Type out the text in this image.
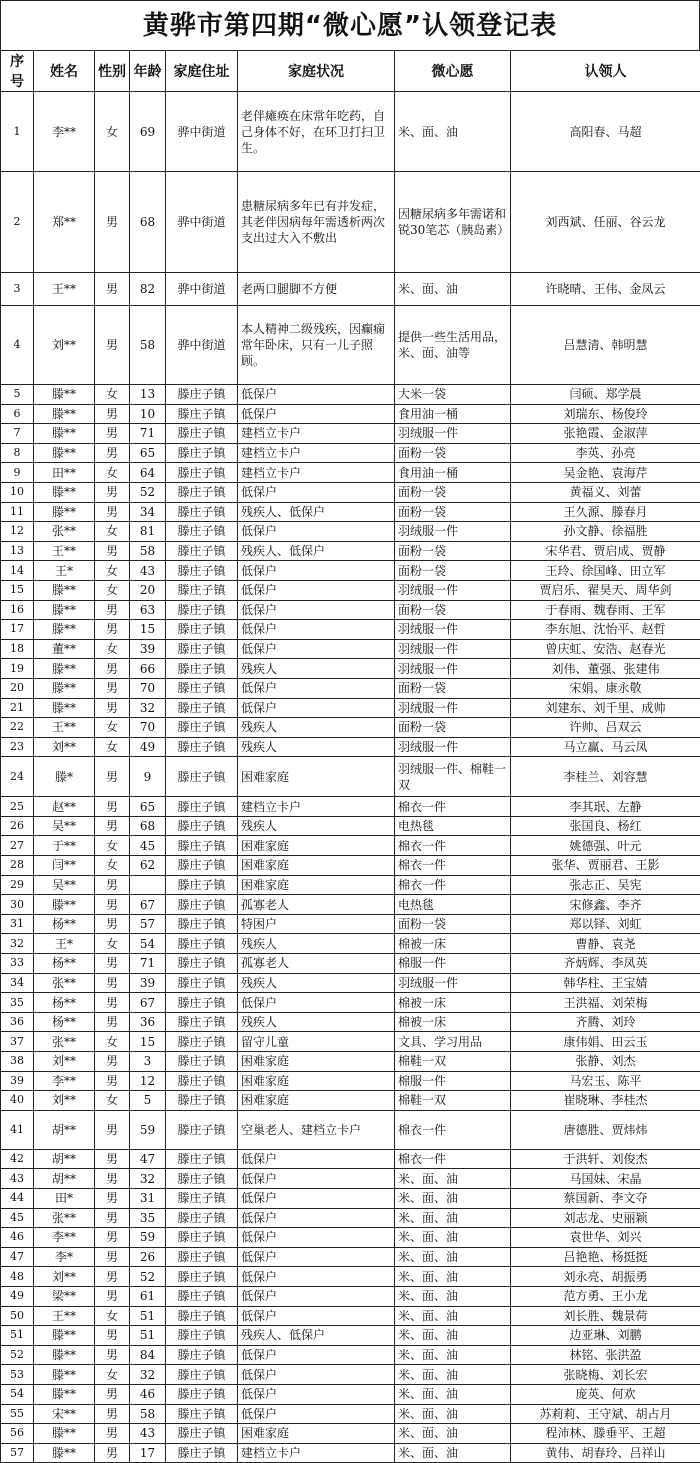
黄骅市第四期“微心愿”认领登记表
序号	姓名	性别	年龄	家庭住址	家庭状况	微心愿	认领人
1	李**	女	69	骅中街道	老伴瘫痪在床常年吃药，自己身体不好，在环卫打扫卫生。	米、面、油	高阳春、马超
2	郑**	男	68	骅中街道	患糖尿病多年已有并发症，其老伴因病每年需透析两次支出过大入不敷出	因糖尿病多年需诺和锐30笔芯（胰岛素）	刘西斌、任丽、谷云龙
3	王**	男	82	骅中街道	老两口腿脚不方便	米、面、油	许晓晴、王伟、金凤云
4	刘**	男	58	骅中街道	本人精神二级残疾，因癫痫常年卧床，只有一儿子照顾。	提供一些生活用品，米、面、油等	吕慧清、韩明慧
5	滕**	女	13	滕庄子镇	低保户	大米一袋	闫硕、郑学晨
6	滕**	男	10	滕庄子镇	低保户	食用油一桶	刘瑞东、杨俊玲
7	滕**	男	71	滕庄子镇	建档立卡户	羽绒服一件	张艳霞、金淑萍
8	滕**	男	65	滕庄子镇	建档立卡户	面粉一袋	李英、孙亮
9	田**	女	64	滕庄子镇	建档立卡户	食用油一桶	吴金艳、袁海芹
10	滕**	男	52	滕庄子镇	低保户	面粉一袋	黄福义、刘蕾
11	滕**	男	34	滕庄子镇	残疾人、低保户	面粉一袋	王久源、滕春月
12	张**	女	81	滕庄子镇	低保户	羽绒服一件	孙文静、徐福胜
13	王**	男	58	滕庄子镇	残疾人、低保户	面粉一袋	宋华君、贾启成、贾静
14	王*	女	43	滕庄子镇	低保户	面粉一袋	王玲、徐国峰、田立军
15	滕**	女	20	滕庄子镇	低保户	羽绒服一件	贾启乐、翟昊天、周华剑
16	滕**	男	63	滕庄子镇	低保户	面粉一袋	于春雨、魏春雨、王军
17	滕**	男	15	滕庄子镇	低保户	羽绒服一件	李东旭、沈怡平、赵哲
18	董**	女	39	滕庄子镇	低保户	羽绒服一件	曾庆虹、安浩、赵春光
19	滕**	男	66	滕庄子镇	残疾人	羽绒服一件	刘伟、董强、张建伟
20	滕**	男	70	滕庄子镇	低保户	面粉一袋	宋娟、康永敬
21	滕**	男	32	滕庄子镇	低保户	羽绒服一件	刘建东、刘千里、成帅
22	王**	女	70	滕庄子镇	残疾人	面粉一袋	许帅、吕双云
23	刘**	女	49	滕庄子镇	残疾人	羽绒服一件	马立赢、马云凤
24	滕*	男	9	滕庄子镇	困难家庭	羽绒服一件、棉鞋一双	李桂兰、刘容慧
25	赵**	男	65	滕庄子镇	建档立卡户	棉衣一件	李其珉、左静
26	吴**	男	68	滕庄子镇	残疾人	电热毯	张国良、杨红
27	于**	女	45	滕庄子镇	困难家庭	棉衣一件	姚德强、叶元
28	闫**	女	62	滕庄子镇	困难家庭	棉衣一件	张华、贾丽君、王影
29	吴**	男		滕庄子镇	困难家庭	棉衣一件	张志正、吴宪
30	滕**	男	67	滕庄子镇	孤寡老人	电热毯	宋修鑫、李齐
31	杨**	男	57	滕庄子镇	特困户	面粉一袋	郑以铎、刘虹
32	王*	女	54	滕庄子镇	残疾人	棉被一床	曹静、袁尧
33	杨**	男	71	滕庄子镇	孤寡老人	棉服一件	齐炳辉、李凤英
34	张**	男	39	滕庄子镇	残疾人	羽绒服一件	韩华柱、王宝婧
35	杨**	男	67	滕庄子镇	低保户	棉被一床	王洪福、刘荣梅
36	杨**	男	36	滕庄子镇	残疾人	棉被一床	齐腾、刘玲
37	张**	女	15	滕庄子镇	留守儿童	文具、学习用品	康伟娟、田云玉
38	刘**	男	3	滕庄子镇	困难家庭	棉鞋一双	张静、刘杰
39	李**	男	12	滕庄子镇	困难家庭	棉服一件	马宏玉、陈平
40	刘**	女	5	滕庄子镇	困难家庭	棉鞋一双	崔晓琳、李桂杰
41	胡**	男	59	滕庄子镇	空巢老人、建档立卡户	棉衣一件	唐德胜、贾炜炜
42	胡**	男	47	滕庄子镇	低保户	棉衣一件	于洪轩、刘俊杰
43	胡**	男	32	滕庄子镇	低保户	米、面、油	马国妹、宋晶
44	田*	男	31	滕庄子镇	低保户	米、面、油	蔡国新、李文夺
45	张**	男	35	滕庄子镇	低保户	米、面、油	刘志龙、史丽颖
46	李**	男	59	滕庄子镇	低保户	米、面、油	袁世华、刘兴
47	李*	男	26	滕庄子镇	低保户	米、面、油	吕艳艳、杨挺挺
48	刘**	男	52	滕庄子镇	低保户	米、面、油	刘永亮、胡振勇
49	梁**	男	61	滕庄子镇	低保户	米、面、油	范方勇、王小龙
50	王**	女	51	滕庄子镇	低保户	米、面、油	刘长胜、魏景荷
51	滕**	男	51	滕庄子镇	残疾人、低保户	米、面、油	边亚琳、刘鹏
52	滕**	男	84	滕庄子镇	低保户	米、面、油	林铭、张洪盈
53	滕**	女	32	滕庄子镇	低保户	米、面、油	张晓梅、刘长宏
54	滕**	男	46	滕庄子镇	低保户	米、面、油	庞英、何欢
55	宋**	男	58	滕庄子镇	低保户	米、面、油	苏莉莉、王守斌、胡占月
56	滕**	男	43	滕庄子镇	困难家庭	米、面、油	程沛林、滕垂平、王超
57	滕**	男	17	滕庄子镇	建档立卡户	米、面、油	黄伟、胡春玲、吕祥山
